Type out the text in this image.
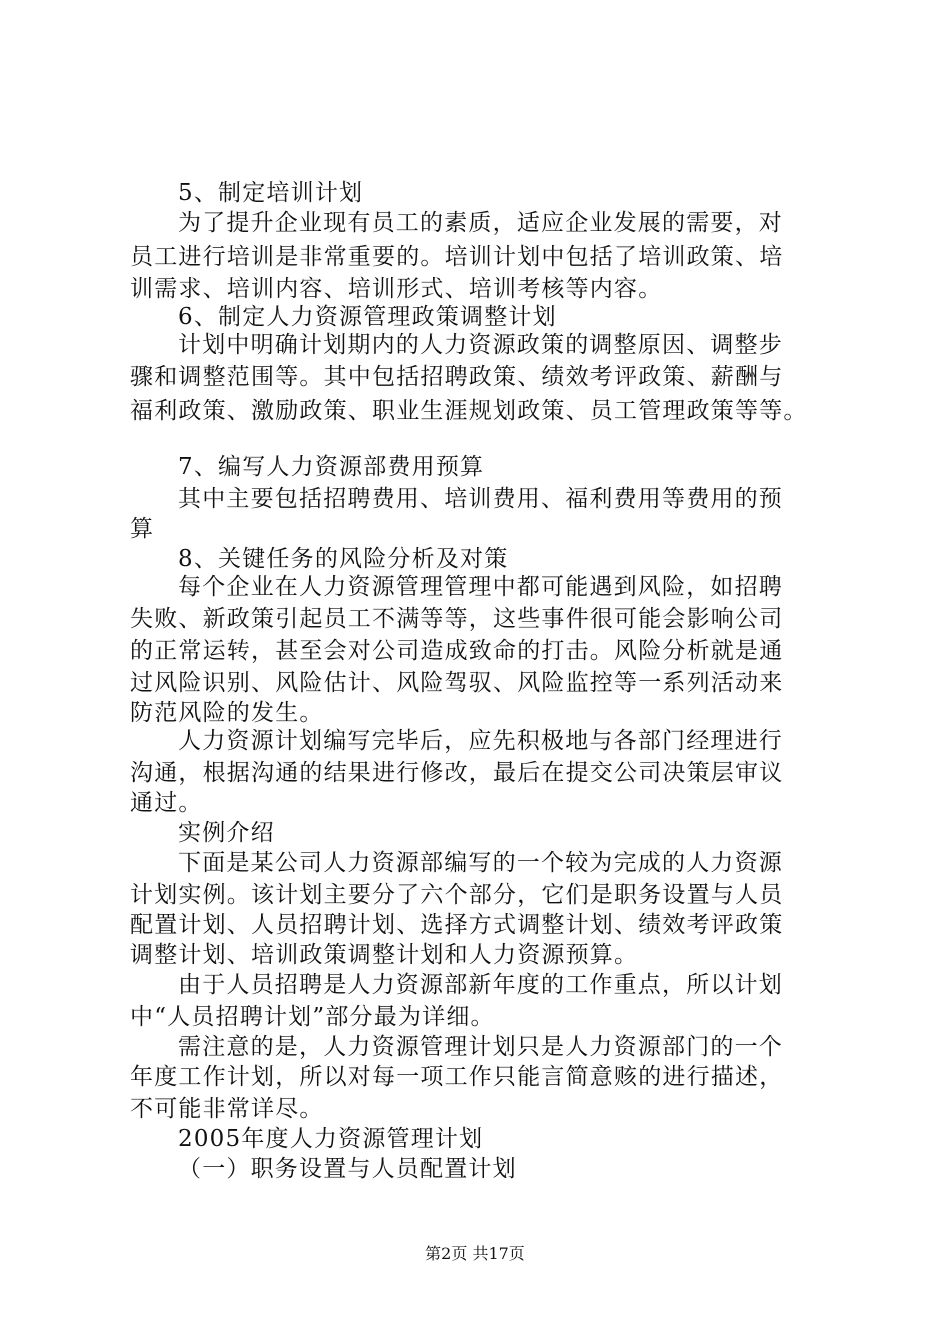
5、制定培训计划
为了提升企业现有员工的素质，适应企业发展的需要，对
员工进行培训是非常重要的。培训计划中包括了培训政策、培
训需求、培训内容、培训形式、培训考核等内容。
6、制定人力资源管理政策调整计划
计划中明确计划期内的人力资源政策的调整原因、调整步
骤和调整范围等。其中包括招聘政策、绩效考评政策、薪酬与
福利政策、激励政策、职业生涯规划政策、员工管理政策等等。
7、编写人力资源部费用预算
其中主要包括招聘费用、培训费用、福利费用等费用的预
算
8、关键任务的风险分析及对策
每个企业在人力资源管理管理中都可能遇到风险，如招聘
失败、新政策引起员工不满等等，这些事件很可能会影响公司
的正常运转，甚至会对公司造成致命的打击。风险分析就是通
过风险识别、风险估计、风险驾驭、风险监控等一系列活动来
防范风险的发生。
人力资源计划编写完毕后，应先积极地与各部门经理进行
沟通，根据沟通的结果进行修改，最后在提交公司决策层审议
通过。
实例介绍
下面是某公司人力资源部编写的一个较为完成的人力资源
计划实例。该计划主要分了六个部分，它们是职务设置与人员
配置计划、人员招聘计划、选择方式调整计划、绩效考评政策
调整计划、培训政策调整计划和人力资源预算。
由于人员招聘是人力资源部新年度的工作重点，所以计划
中“人员招聘计划”部分最为详细。
需注意的是，人力资源管理计划只是人力资源部门的一个
年度工作计划，所以对每一项工作只能言简意赅的进行描述，
不可能非常详尽。
2005年度人力资源管理计划
（一）职务设置与人员配置计划
第2页 共17页
